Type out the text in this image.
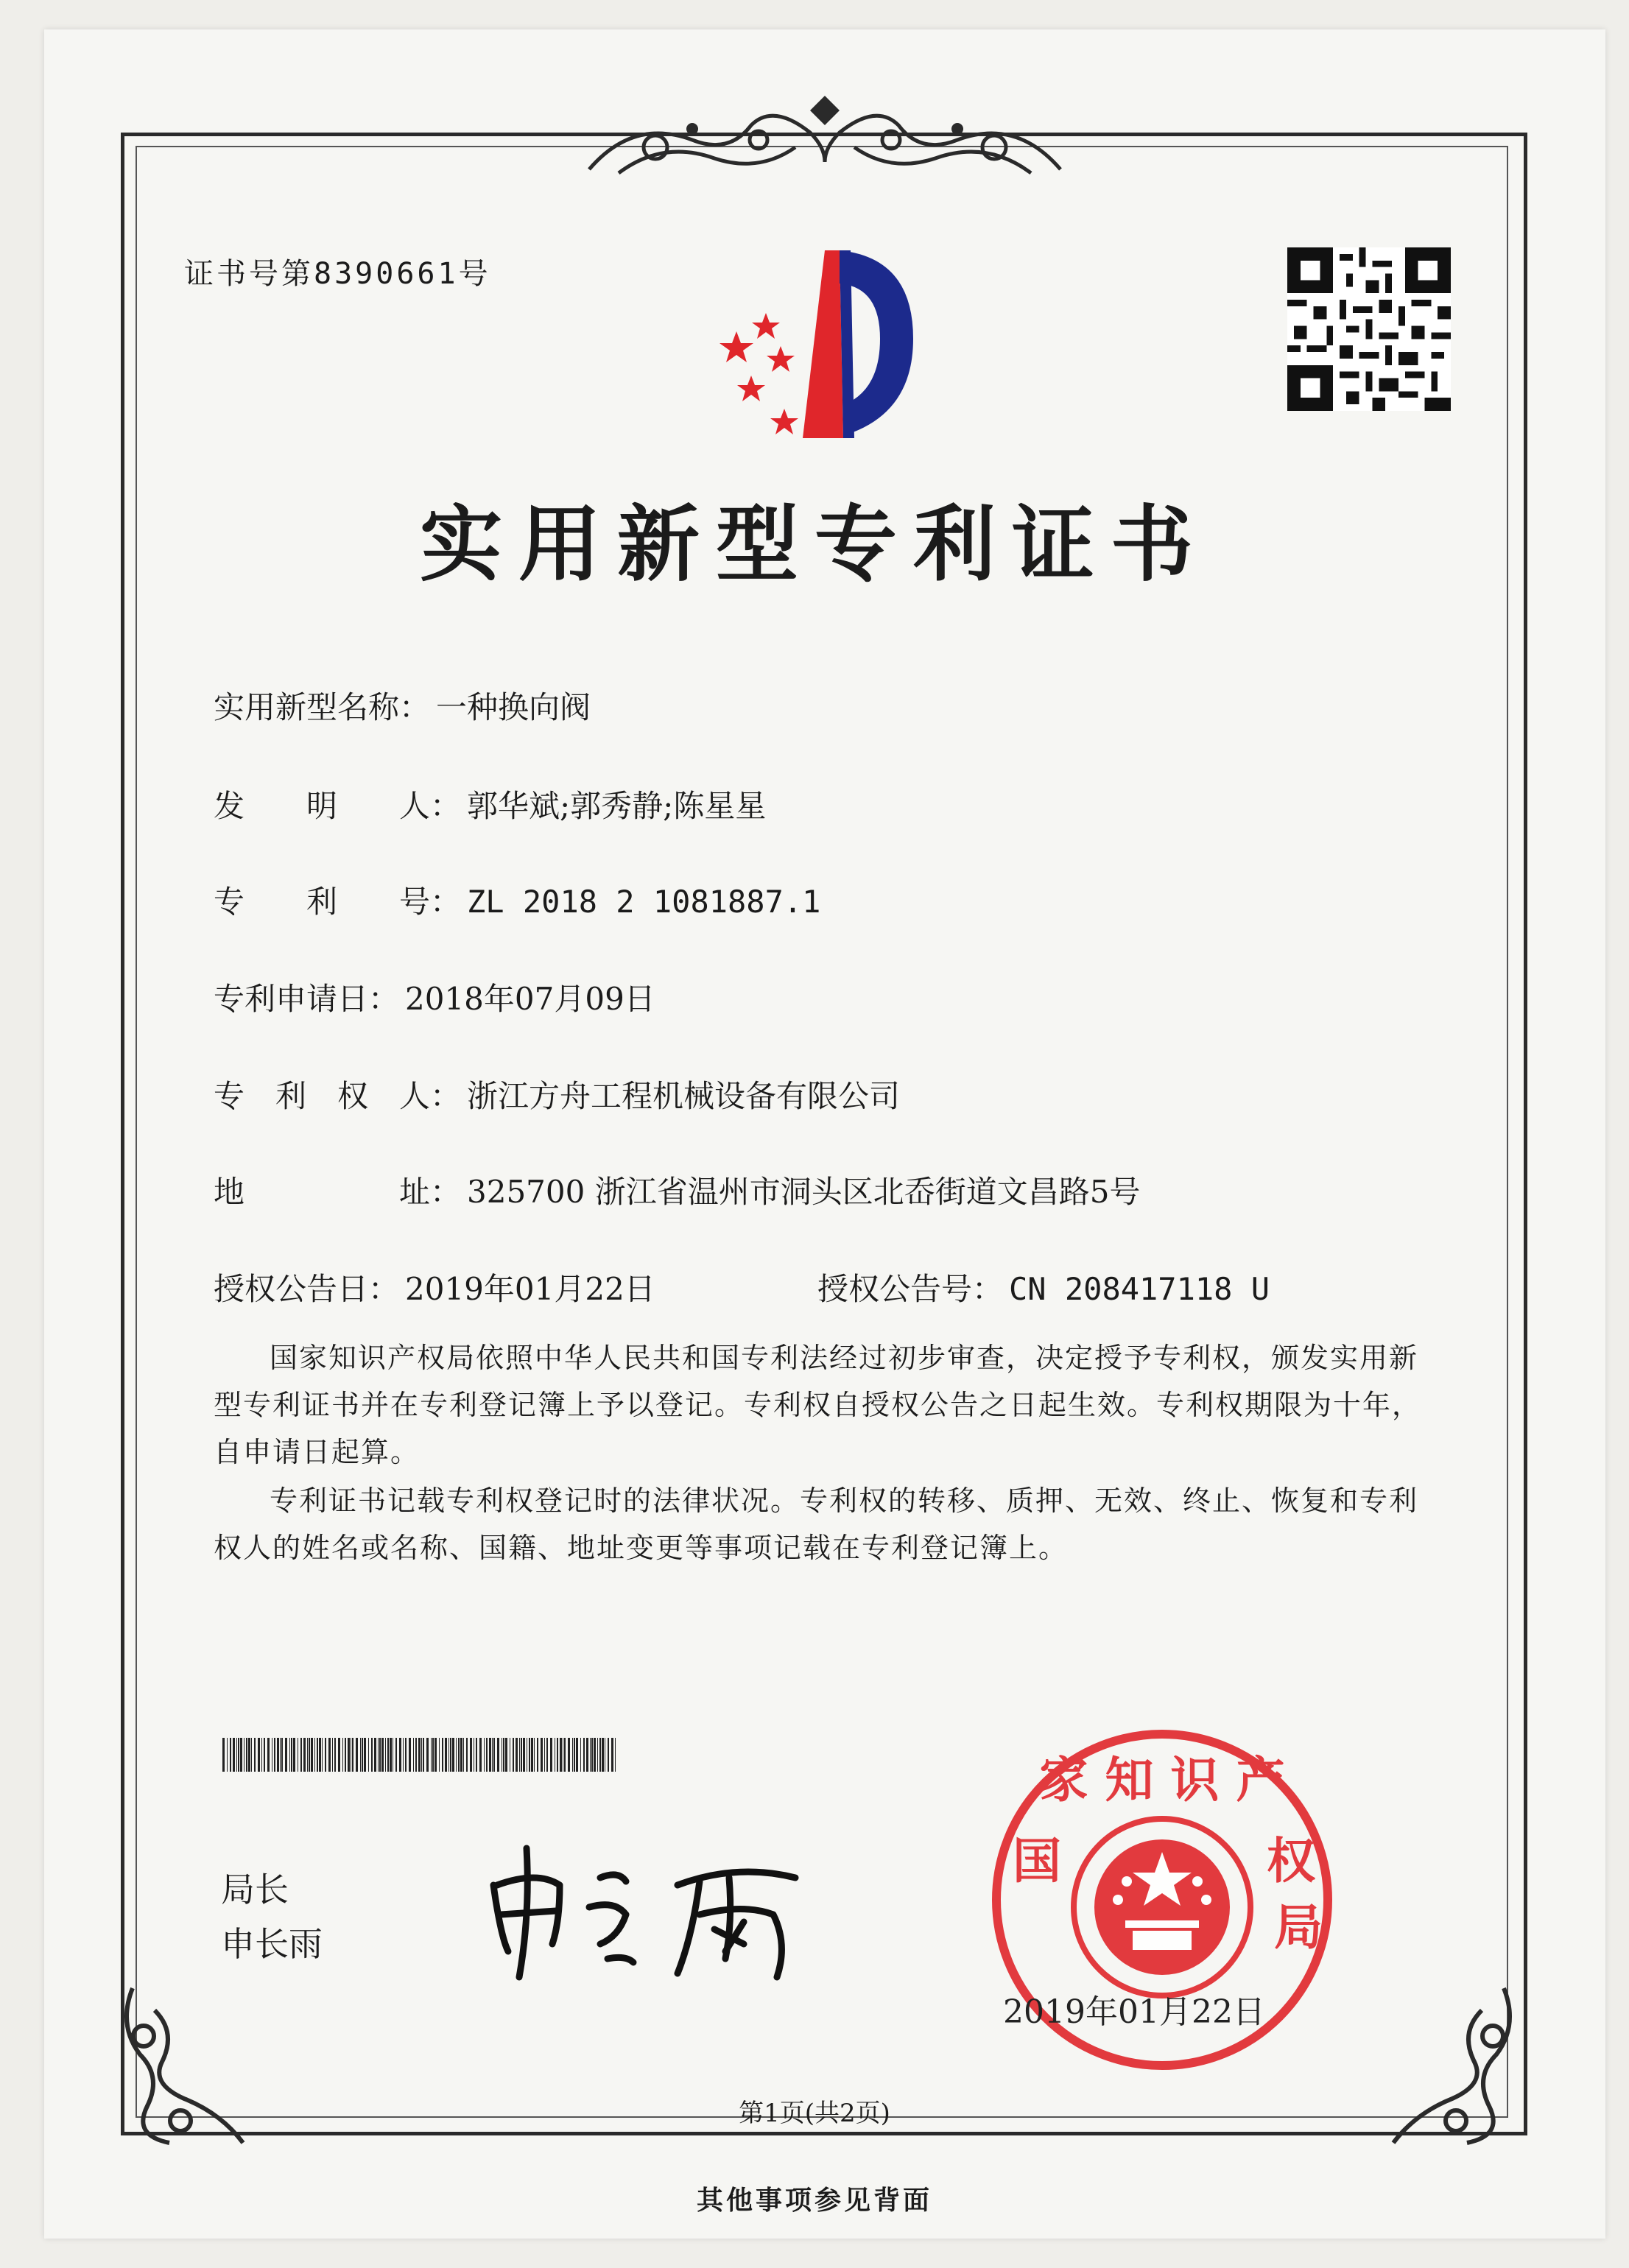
证书号第8390661号
实用新型专利证书
实用新型名称： 一种换向阀
发　　明　　人： 郭华斌;郭秀静;陈星星
专　　利　　号： ZL 2018 2 1081887.1
专利申请日： 2018年07月09日
专　利　权　人： 浙江方舟工程机械设备有限公司
地　　　　　址： 325700 浙江省温州市洞头区北岙街道文昌路5号
授权公告日： 2019年01月22日	授权公告号： CN 208417118 U
国家知识产权局依照中华人民共和国专利法经过初步审查，决定授予专利权，颁发实用新型专利证书并在专利登记簿上予以登记。专利权自授权公告之日起生效。专利权期限为十年，自申请日起算。
专利证书记载专利权登记时的法律状况。专利权的转移、质押、无效、终止、恢复和专利权人的姓名或名称、国籍、地址变更等事项记载在专利登记簿上。
局长
申长雨
家 知 识 产
国	权
局
2019年01月22日
第1页(共2页)
其他事项参见背面
